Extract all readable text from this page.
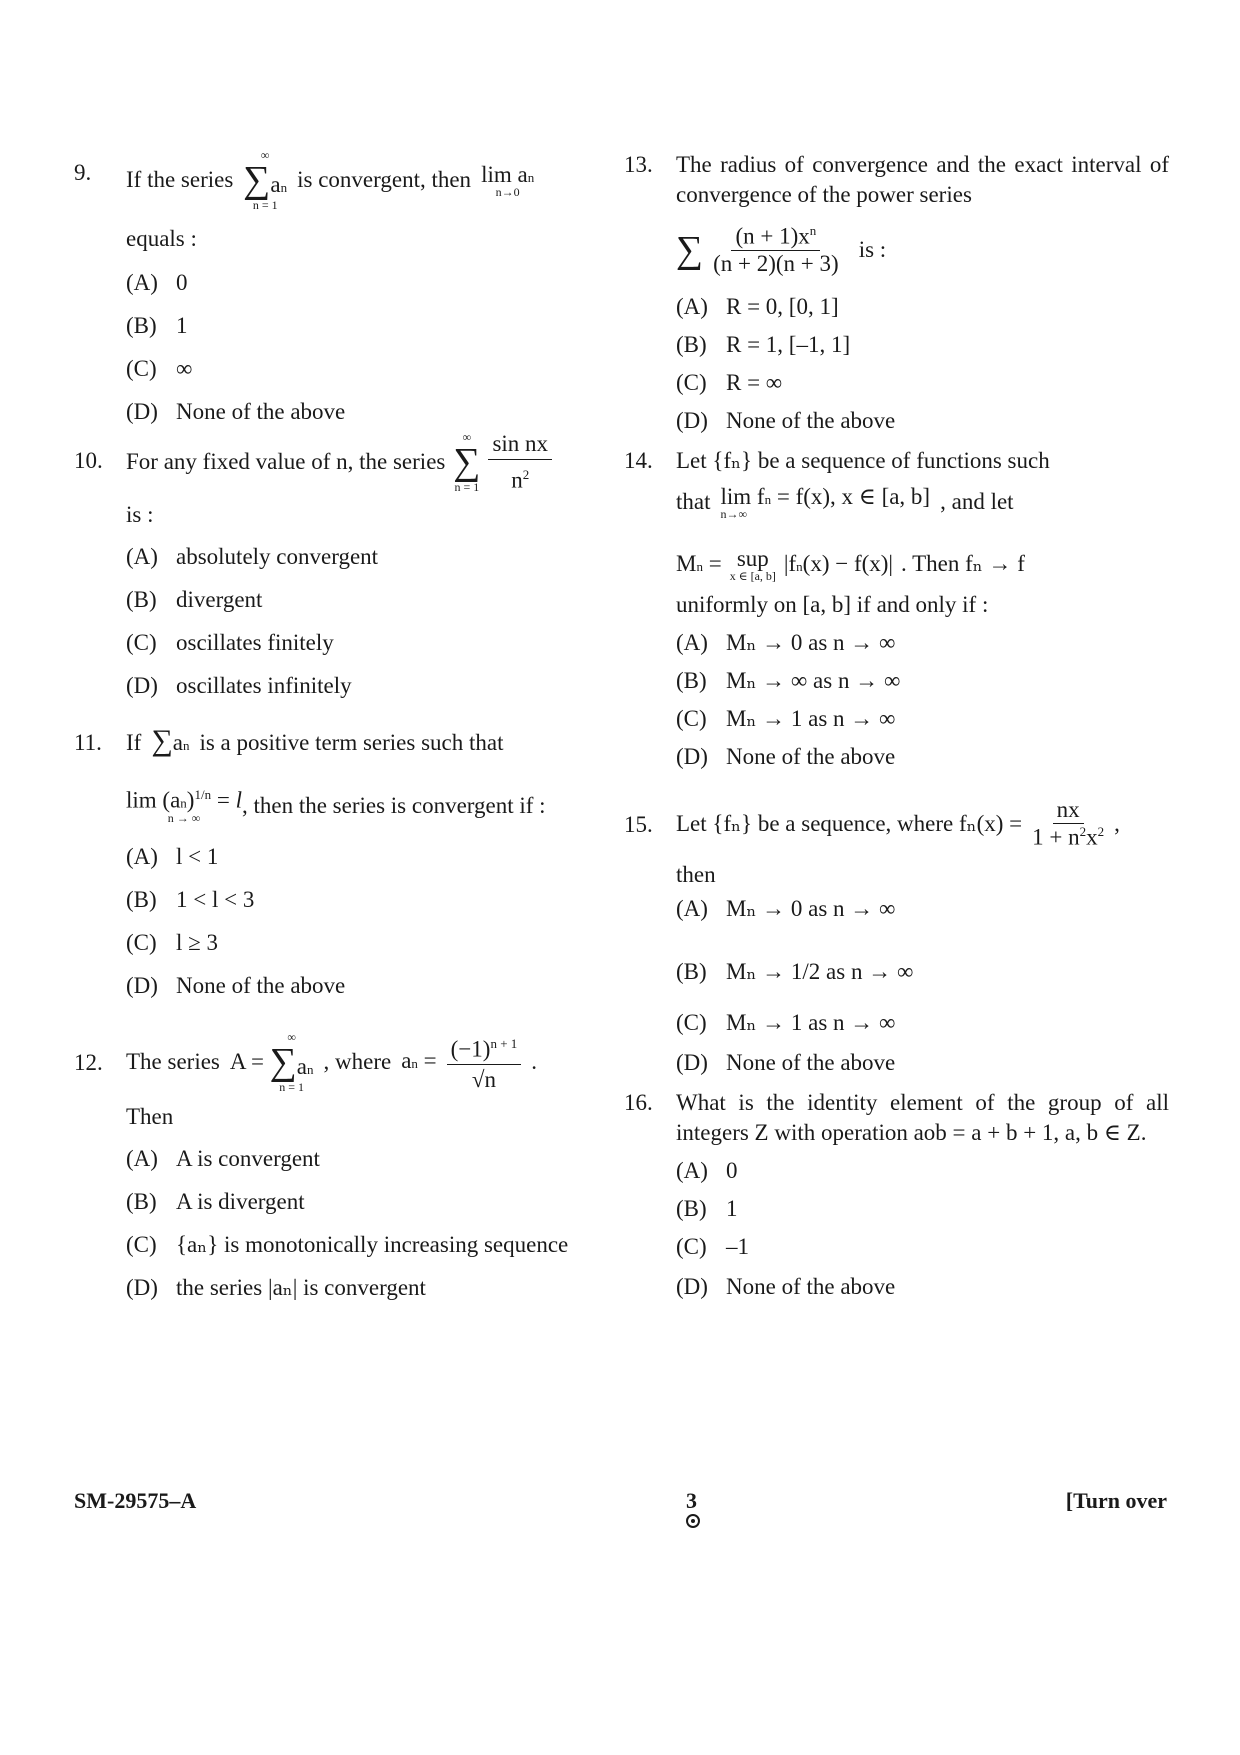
9. If the series
∞
∑an
n = 1
is convergent, then lim an
n→0
equals :
(A) 0
(B) 1
(C) ∞
(D) None of the above
10. For any fixed value of n, the series
∞
∑
$n = 1 \frac{\text{sin nx}}{n^2}$
is :
(A) absolutely convergent
(B) divergent
(C) oscillates finitely
(D) oscillates infinitely
11. If ∑an is a positive term series such that
lim (an)$^{1/n}$ = l
n → ∞ , then the series is convergent if :
(A) l < 1
(B) 1 < l < 3
(C) l ≥ 3
(D) None of the above
12. The series A =
∞
∑an
n = 1
, where an = $\frac{(-1)^{n + 1}}{√n}$ .
Then
(A) A is convergent
(B) A is divergent
(C) {aₙ} is monotonically increasing sequence
(D) the series |aₙ| is convergent
13. The radius of convergence and the exact interval of convergence of the power series
∑ $\frac{(n + 1)x^n}{(n + 2)(n + 3)}$ is :
(A) R = 0, [0, 1]
(B) R = 1, [–1, 1]
(C) R = ∞
(D) None of the above
14. Let {fₙ} be a sequence of functions such
that lim fn = f(x), x ∈ [a, b]
n→∞	, and let
Mn = sup
x ∈ [a, b] |fn(x) − f(x)| . Then fₙ → f
uniformly on [a, b] if and only if :
(A) Mₙ → 0 as n → ∞
(B) Mₙ → ∞ as n → ∞
(C) Mₙ → 1 as n → ∞
(D) None of the above
15. Let {fₙ} be a sequence, where $f_n(x) = \frac{nx}{1 + n^2x^2}$ ,
then
(A) Mₙ → 0 as n → ∞
(B) Mₙ → 1/2 as n → ∞
(C) Mₙ → 1 as n → ∞
(D) None of the above
16. What is the identity element of the group of all integers Z with operation aob = a + b + 1, a, b ∈ Z.
(A) 0
(B) 1
(C) –1
(D) None of the above
SM-29575–A	3	[Turn over
